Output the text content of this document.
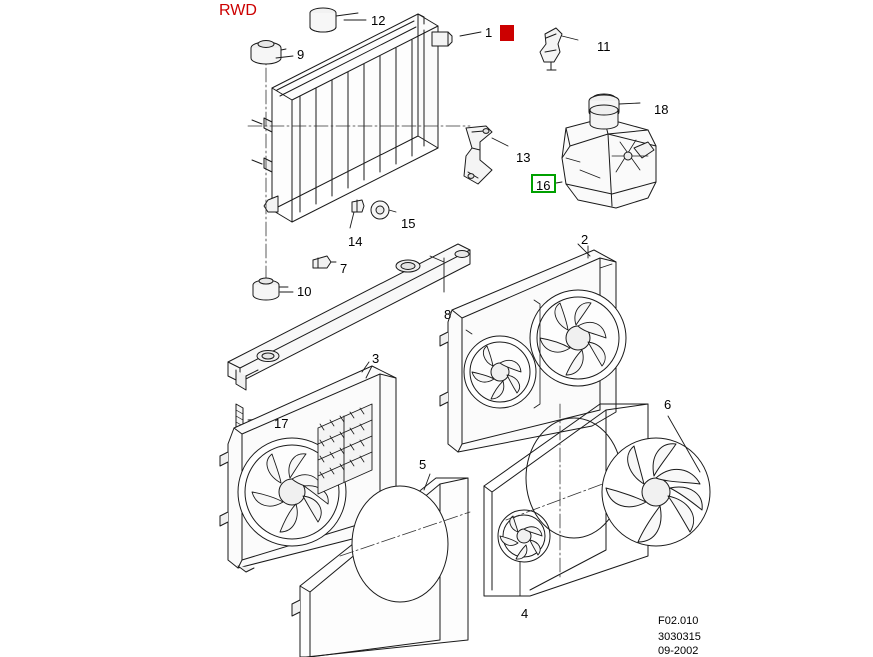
RWD
16
1
2
3
4
5
6
7
8
9
10
11
12
13
14
15
17
18
F02.010
3030315
09-2002
